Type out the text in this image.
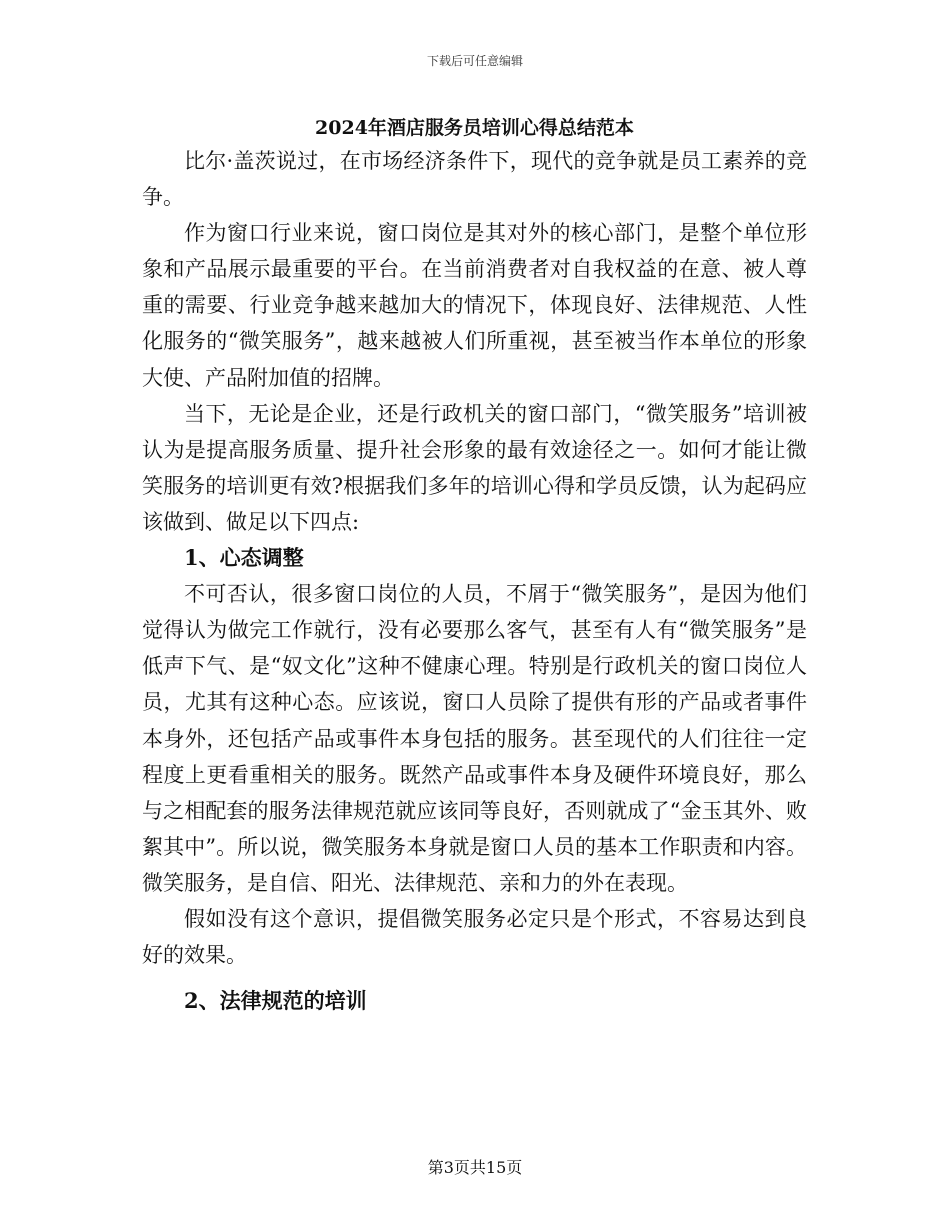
下载后可任意编辑
2024年酒店服务员培训心得总结范本

比尔·盖茨说过，在市场经济条件下，现代的竞争就是员工素养的竞争。

作为窗口行业来说，窗口岗位是其对外的核心部门，是整个单位形象和产品展示最重要的平台。在当前消费者对自我权益的在意、被人尊重的需要、行业竞争越来越加大的情况下，体现良好、法律规范、人性化服务的“微笑服务”，越来越被人们所重视，甚至被当作本单位的形象大使、产品附加值的招牌。

当下，无论是企业，还是行政机关的窗口部门，“微笑服务”培训被认为是提高服务质量、提升社会形象的最有效途径之一。如何才能让微笑服务的培训更有效?根据我们多年的培训心得和学员反馈，认为起码应该做到、做足以下四点:

1、心态调整

不可否认，很多窗口岗位的人员，不屑于“微笑服务”，是因为他们觉得认为做完工作就行，没有必要那么客气，甚至有人有“微笑服务”是低声下气、是“奴文化”这种不健康心理。特别是行政机关的窗口岗位人员，尤其有这种心态。应该说，窗口人员除了提供有形的产品或者事件本身外，还包括产品或事件本身包括的服务。甚至现代的人们往往一定程度上更看重相关的服务。既然产品或事件本身及硬件环境良好，那么与之相配套的服务法律规范就应该同等良好，否则就成了“金玉其外、败絮其中”。所以说，微笑服务本身就是窗口人员的基本工作职责和内容。微笑服务，是自信、阳光、法律规范、亲和力的外在表现。

假如没有这个意识，提倡微笑服务必定只是个形式，不容易达到良好的效果。

2、法律规范的培训
第3页共15页
